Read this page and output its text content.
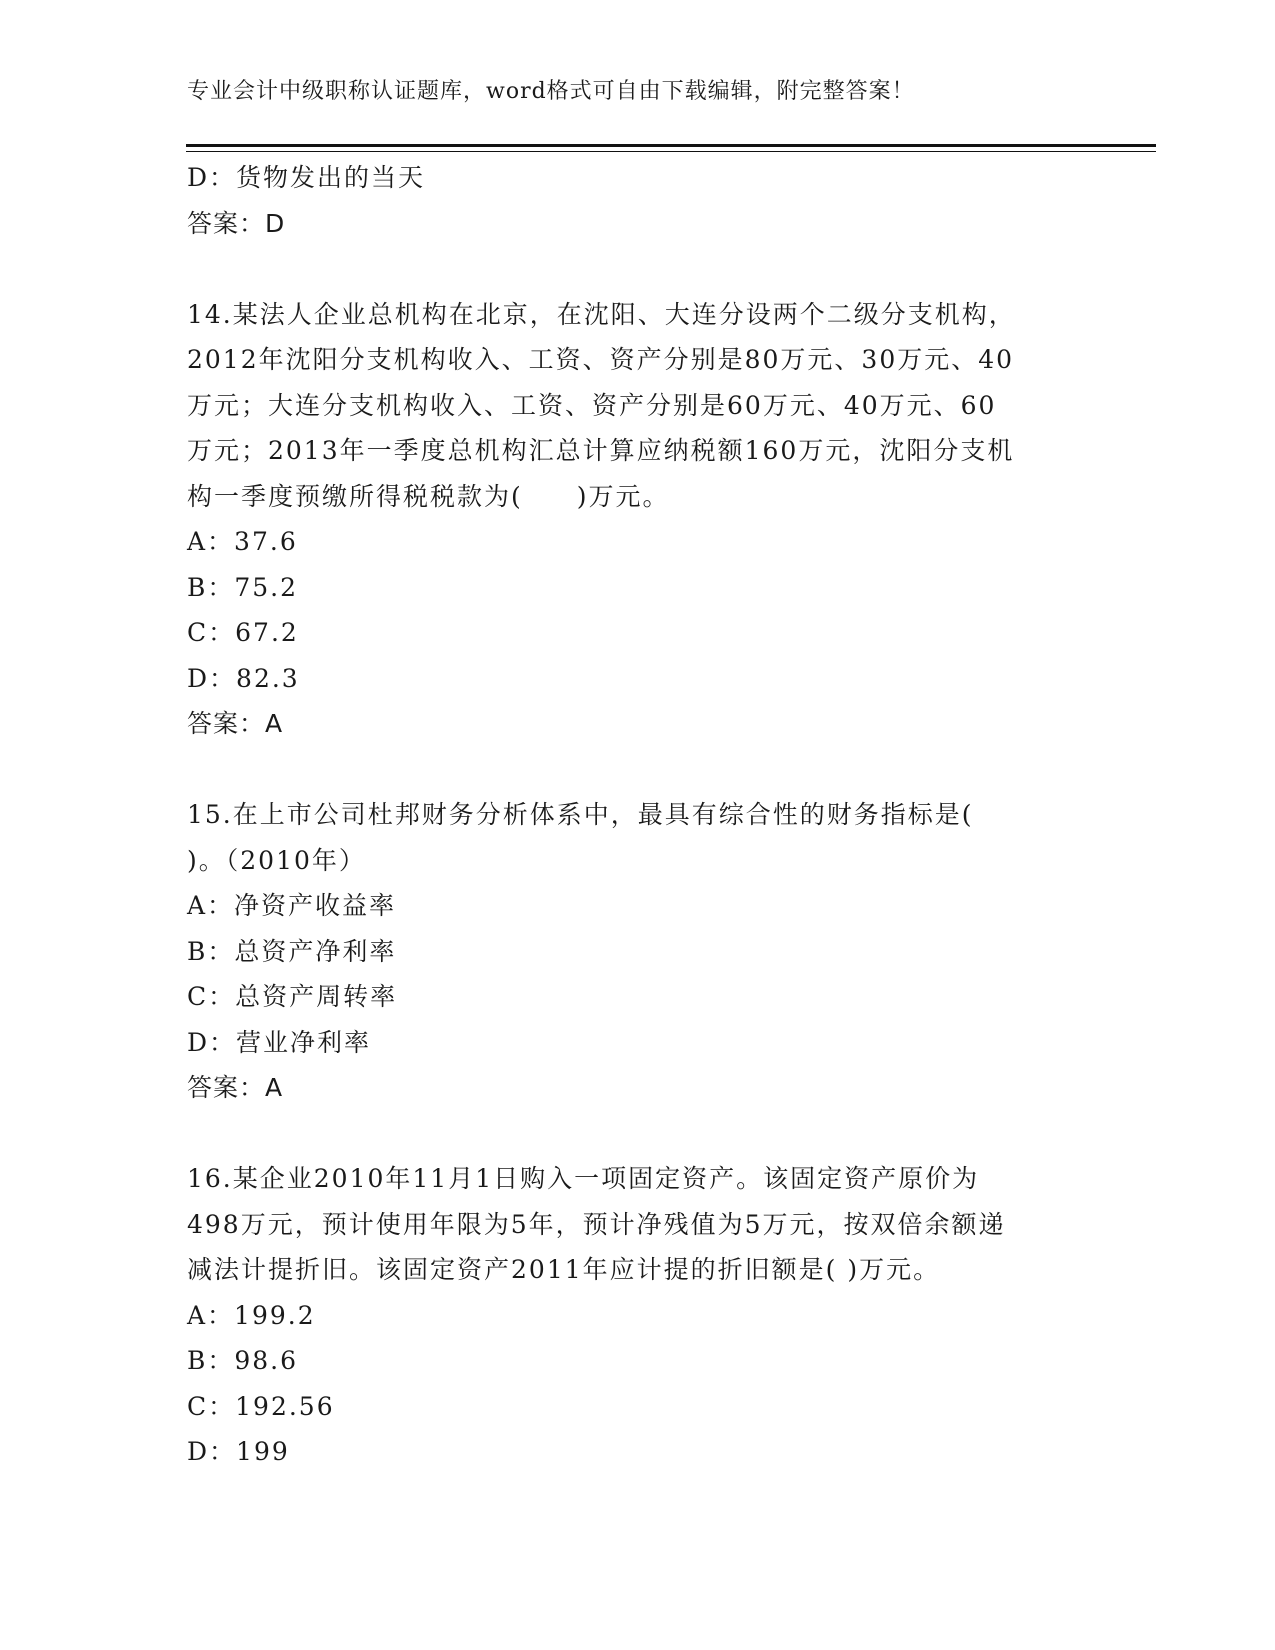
专业会计中级职称认证题库，word格式可自由下载编辑，附完整答案！
D：货物发出的当天
答案：D
14.某法人企业总机构在北京，在沈阳、大连分设两个二级分支机构，
2012年沈阳分支机构收入、工资、资产分别是80万元、30万元、40
万元；大连分支机构收入、工资、资产分别是60万元、40万元、60
万元；2013年一季度总机构汇总计算应纳税额160万元，沈阳分支机
构一季度预缴所得税税款为(　　)万元。
A：37.6
B：75.2
C：67.2
D：82.3
答案：A
15.在上市公司杜邦财务分析体系中，最具有综合性的财务指标是(
)。（2010年）
A：净资产收益率
B：总资产净利率
C：总资产周转率
D：营业净利率
答案：A
16.某企业2010年11月1日购入一项固定资产。该固定资产原价为
498万元，预计使用年限为5年，预计净残值为5万元，按双倍余额递
减法计提折旧。该固定资产2011年应计提的折旧额是( )万元。
A：199.2
B：98.6
C：192.56
D：199
